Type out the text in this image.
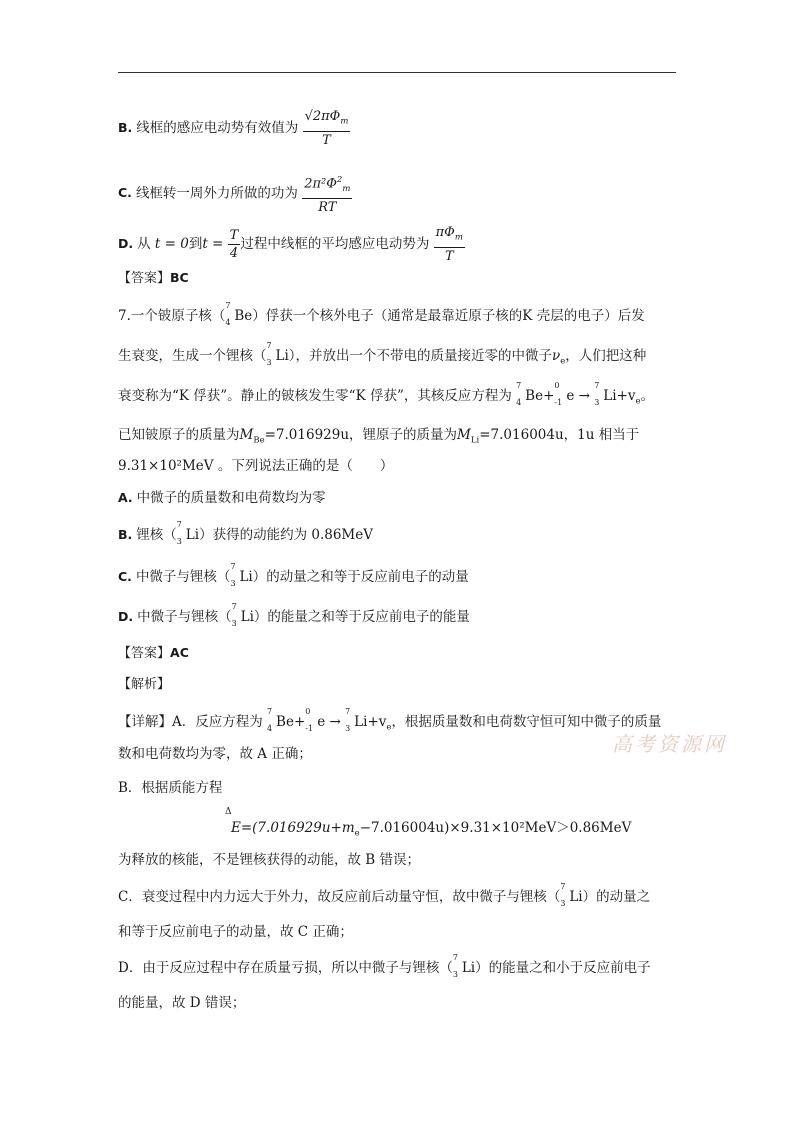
B. 线框的感应电动势有效值为 $\frac{√2\pi\Phi_m}{T}$
C. 线框转一周外力所做的功为 $\frac{2\pi^2\Phi^2_m}{RT}$
D. 从 t = 0到$t = \frac{T}{4}$ 过程中线框的平均感应电动势为 $\frac{\pi\Phi_m}{T}$
【答案】BC
7.一个铍原子核（
7
4 Be）俘获一个核外电子（通常是最靠近原子核的K 壳层的电子）后发
生衰变，生成一个锂核（
7
3 Li），并放出一个不带电的质量接近零的中微子$\nu_e$，人们把这种
衰变称为“K 俘获”。静止的铍核发生零“K 俘获”，其核反应方程为
7
4 Be+
0
-1 e →
7
3 $Li+v_e$。
已知铍原子的质量为$M_{Be}=7.016929u$，锂原子的质量为$M_{Li}=7.016004u$，1u 相当于
9.31×10²MeV 。下列说法正确的是（　　）
A. 中微子的质量数和电荷数均为零
B. 锂核（
7
3 Li）获得的动能约为 0.86MeV
C. 中微子与锂核（
7
3 Li）的动量之和等于反应前电子的动量
D. 中微子与锂核（
7
3 Li）的能量之和等于反应前电子的能量
【答案】AC
【解析】
【详解】A．反应方程为
7
4 Be+
0
-1 e →
7
3 $Li+v_e$，根据质量数和电荷数守恒可知中微子的质量
数和电荷数均为零，故 A 正确；	高考资源网
B．根据质能方程
Δ
$E=(7.016929u+m_e-7.016004u)\times 9.31\times 10^2MeV>0.86MeV$
为释放的核能，不是锂核获得的动能，故 B 错误；
C．衰变过程中内力远大于外力，故反应前后动量守恒，故中微子与锂核（
7
3 Li）的动量之
和等于反应前电子的动量，故 C 正确；
D．由于反应过程中存在质量亏损，所以中微子与锂核（
7
3 Li）的能量之和小于反应前电子
的能量，故 D 错误；
